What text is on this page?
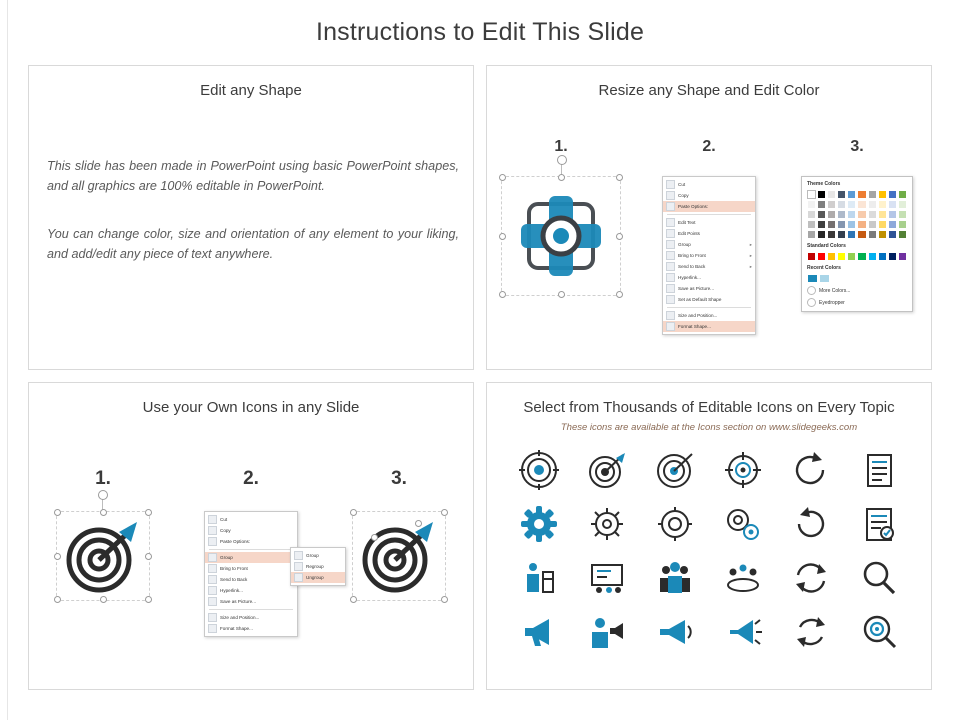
Instructions to Edit This Slide
Edit any Shape
This slide has been made in PowerPoint using basic PowerPoint shapes, and all graphics are 100% editable in PowerPoint.
You can change color, size and orientation of any element to your liking, and add/edit any piece of text anywhere.
Resize any Shape and Edit Color
1.	2.	3.
Cut
Copy
Paste Options:
Edit Text
Edit Points
Group	▸
Bring to Front	▸
Send to Back	▸
Hyperlink...
Save as Picture...
Set as Default Shape
Size and Position...
Format Shape...
Theme Colors
Standard Colors
Recent Colors
More Colors...
Eyedropper
Use your Own Icons in any Slide
1.	2.	3.
Cut
Copy
Paste Options:
Group
Bring to Front
Send to Back
Hyperlink...
Save as Picture...
Size and Position...
Format Shape...
Group
Regroup
Ungroup
Select from Thousands of Editable Icons on Every Topic
These icons are available at the Icons section on www.slidegeeks.com
